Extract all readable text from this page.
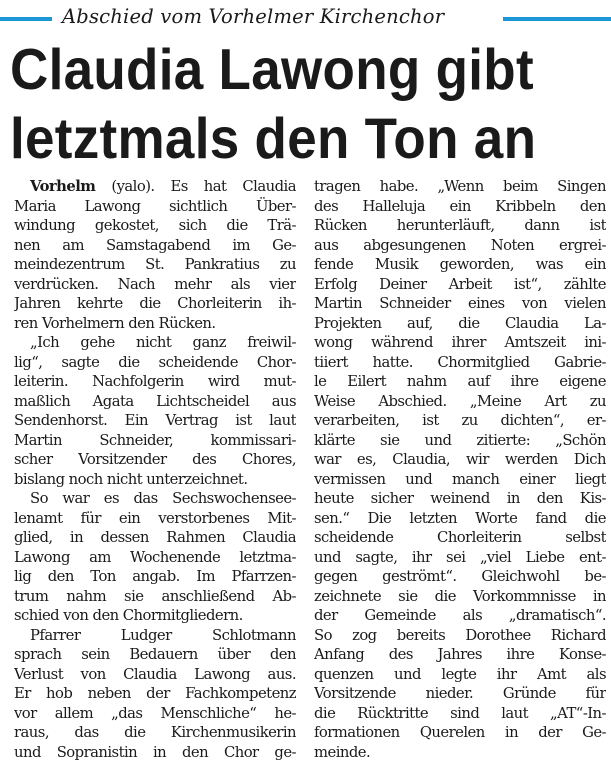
Abschied vom Vorhelmer Kirchenchor
Claudia Lawong gibt
letztmals den Ton an
Vorhelm (yalo). Es hat Claudia
Maria Lawong sichtlich Über-
windung gekostet, sich die Trä-
nen am Samstagabend im Ge-
meindezentrum St. Pankratius zu
verdrücken. Nach mehr als vier
Jahren kehrte die Chorleiterin ih-
ren Vorhelmern den Rücken.
„Ich gehe nicht ganz freiwil-
lig“, sagte die scheidende Chor-
leiterin. Nachfolgerin wird mut-
maßlich Agata Lichtscheidel aus
Sendenhorst. Ein Vertrag ist laut
Martin Schneider, kommissari-
scher Vorsitzender des Chores,
bislang noch nicht unterzeichnet.
So war es das Sechswochensee-
lenamt für ein verstorbenes Mit-
glied, in dessen Rahmen Claudia
Lawong am Wochenende letztma-
lig den Ton angab. Im Pfarrzen-
trum nahm sie anschließend Ab-
schied von den Chormitgliedern.
Pfarrer Ludger Schlotmann
sprach sein Bedauern über den
Verlust von Claudia Lawong aus.
Er hob neben der Fachkompetenz
vor allem „das Menschliche“ he-
raus, das die Kirchenmusikerin
und Sopranistin in den Chor ge-
tragen habe. „Wenn beim Singen
des Halleluja ein Kribbeln den
Rücken herunterläuft, dann ist
aus abgesungenen Noten ergrei-
fende Musik geworden, was ein
Erfolg Deiner Arbeit ist“, zählte
Martin Schneider eines von vielen
Projekten auf, die Claudia La-
wong während ihrer Amtszeit ini-
tiiert hatte. Chormitglied Gabrie-
le Eilert nahm auf ihre eigene
Weise Abschied. „Meine Art zu
verarbeiten, ist zu dichten“, er-
klärte sie und zitierte: „Schön
war es, Claudia, wir werden Dich
vermissen und manch einer liegt
heute sicher weinend in den Kis-
sen.“ Die letzten Worte fand die
scheidende Chorleiterin selbst
und sagte, ihr sei „viel Liebe ent-
gegen geströmt“. Gleichwohl be-
zeichnete sie die Vorkommnisse in
der Gemeinde als „dramatisch“.
So zog bereits Dorothee Richard
Anfang des Jahres ihre Konse-
quenzen und legte ihr Amt als
Vorsitzende nieder. Gründe für
die Rücktritte sind laut „AT“-In-
formationen Querelen in der Ge-
meinde.
